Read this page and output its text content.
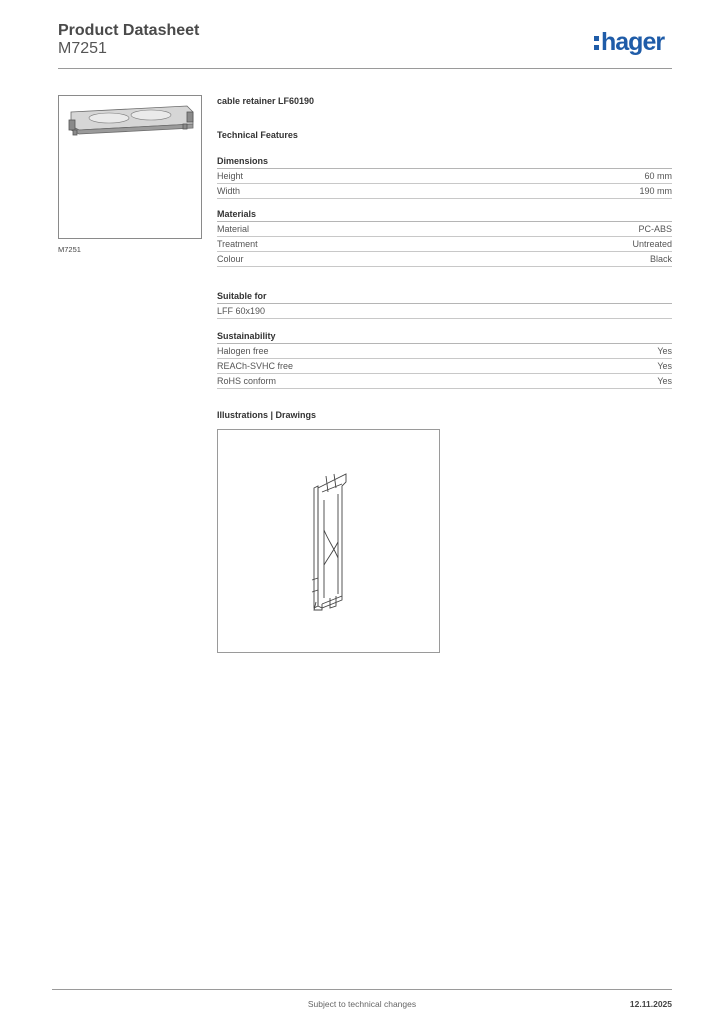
Product Datasheet
M7251	hager
M7251
cable retainer LF60190
Technical Features
Dimensions
Height	60 mm
Width	190 mm
Materials
Material	PC-ABS
Treatment	Untreated
Colour	Black
Suitable for
LFF 60x190
Sustainability
Halogen free	Yes
REACh-SVHC free	Yes
RoHS conform	Yes
Illustrations | Drawings
Subject to technical changes	12.11.2025
